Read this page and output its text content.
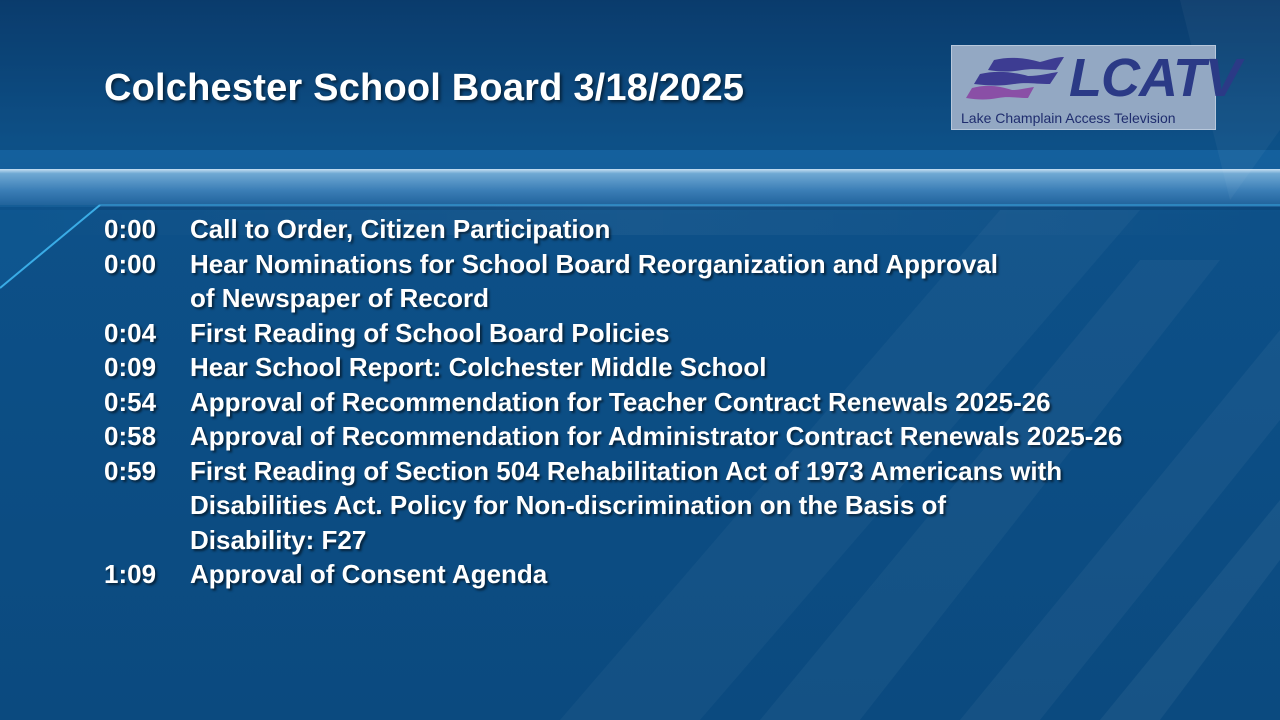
Colchester School Board 3/18/2025	LCATV
Lake Champlain Access Television
0:00	Call to Order, Citizen Participation
0:00	Hear Nominations for School Board Reorganization and Approval
of Newspaper of Record
0:04	First Reading of School Board Policies
0:09	Hear School Report: Colchester Middle School
0:54	Approval of Recommendation for Teacher Contract Renewals 2025-26
0:58	Approval of Recommendation for Administrator Contract Renewals 2025-26
0:59	First Reading of Section 504 Rehabilitation Act of 1973 Americans with
Disabilities Act. Policy for Non-discrimination on the Basis of
Disability: F27
1:09	Approval of Consent Agenda
